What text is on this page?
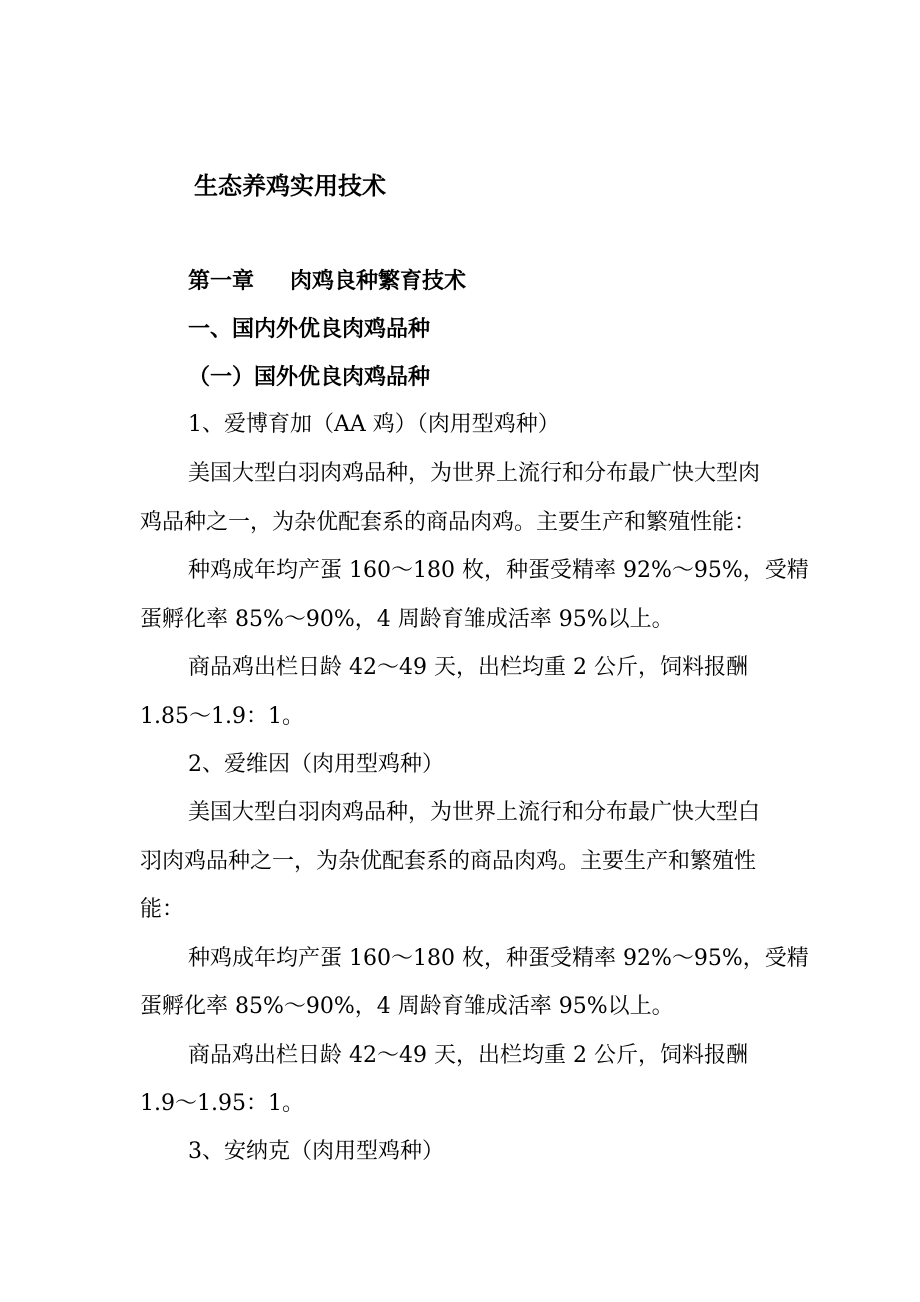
生态养鸡实用技术
第一章 肉鸡良种繁育技术
一、国内外优良肉鸡品种
（一）国外优良肉鸡品种
1、爱博育加（AA 鸡）（肉用型鸡种）
美国大型白羽肉鸡品种，为世界上流行和分布最广快大型肉
鸡品种之一，为杂优配套系的商品肉鸡。主要生产和繁殖性能：
种鸡成年均产蛋 160～180 枚，种蛋受精率 92%～95%，受精
蛋孵化率 85%～90%，4 周龄育雏成活率 95%以上。
商品鸡出栏日龄 42～49 天，出栏均重 2 公斤，饲料报酬
1.85～1.9：1。
2、爱维因（肉用型鸡种）
美国大型白羽肉鸡品种，为世界上流行和分布最广快大型白
羽肉鸡品种之一，为杂优配套系的商品肉鸡。主要生产和繁殖性
能：
种鸡成年均产蛋 160～180 枚，种蛋受精率 92%～95%，受精
蛋孵化率 85%～90%，4 周龄育雏成活率 95%以上。
商品鸡出栏日龄 42～49 天，出栏均重 2 公斤，饲料报酬
1.9～1.95：1。
3、安纳克（肉用型鸡种）
